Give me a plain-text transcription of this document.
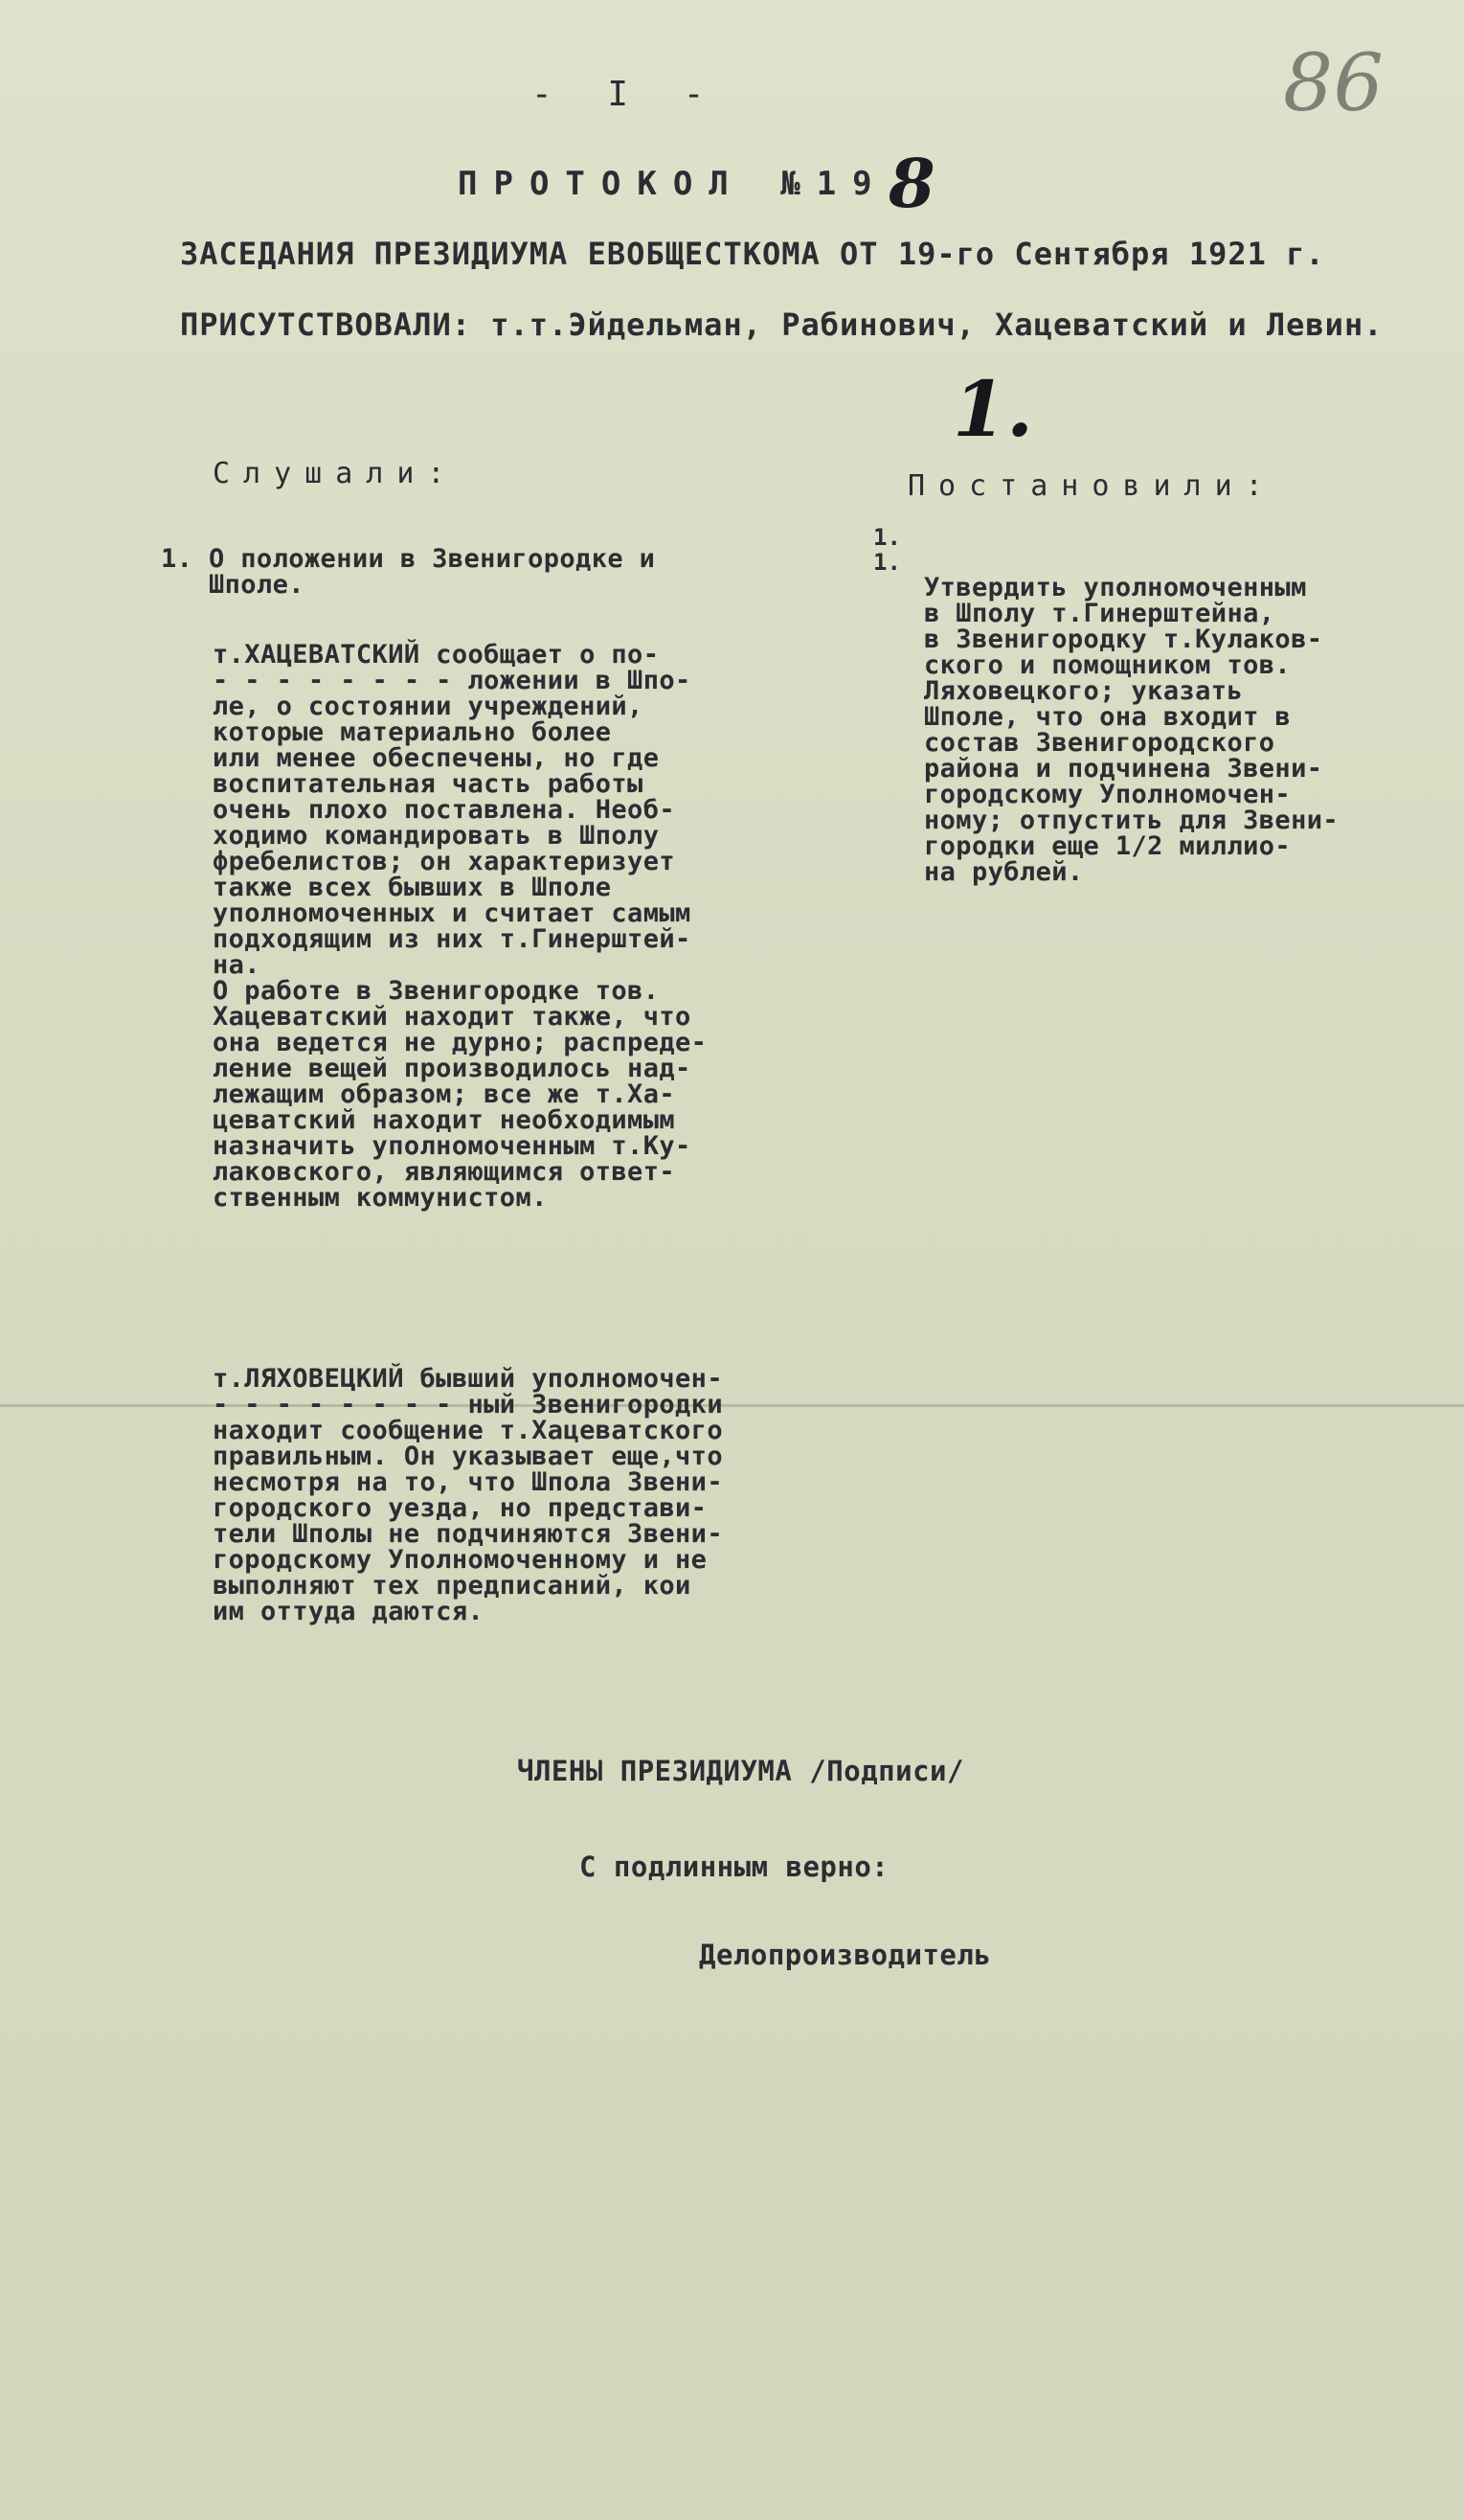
- I -	86
ПРОТОКОЛ №19 8
ЗАСЕДАНИЯ ПРЕЗИДИУМА ЕВОБЩЕСТКОМА ОТ 19-го Сентября 1921 г.
ПРИСУТСТВОВАЛИ: т.т.Эйдельман, Рабинович, Хацеватский и Левин.
1.
Слушали:	Постановили:
1. О положении в Звенигородке и
Шполе.
т.ХАЦЕВАТСКИЙ сообщает о по-
- - - - - - - - ложении в Шпо-
ле, о состоянии учреждений,
которые материально более
или менее обеспечены, но где
воспитательная часть работы
очень плохо поставлена. Необ-
ходимо командировать в Шполу
фребелистов; он характеризует
также всех бывших в Шполе
уполномоченных и считает самым
подходящим из них т.Гинерштей-
на.
О работе в Звенигородке тов.
Хацеватский находит также, что
она ведется не дурно; распреде-
ление вещей производилось над-
лежащим образом; все же т.Ха-
цеватский находит необходимым
назначить уполномоченным т.Ку-
лаковского, являющимся ответ-
ственным коммунистом.
т.ЛЯХОВЕЦКИЙ бывший уполномочен-
- - - - - - - - ный Звенигородки
находит сообщение т.Хацеватского
правильным. Он указывает еще,что
несмотря на то, что Шпола Звени-
городского уезда, но представи-
тели Шполы не подчиняются Звени-
городскому Уполномоченному и не
выполняют тех предписаний, кои
им оттуда даются.
1.
1.
Утвердить уполномоченным
в Шполу т.Гинерштейна,
в Звенигородку т.Кулаков-
ского и помощником тов.
Ляховецкого; указать
Шполе, что она входит в
состав Звенигородского
района и подчинена Звени-
городскому Уполномочен-
ному; отпустить для Звени-
городки еще 1/2 миллио-
на рублей.
ЧЛЕНЫ ПРЕЗИДИУМА /Подписи/
С подлинным верно:
Делопроизводитель
